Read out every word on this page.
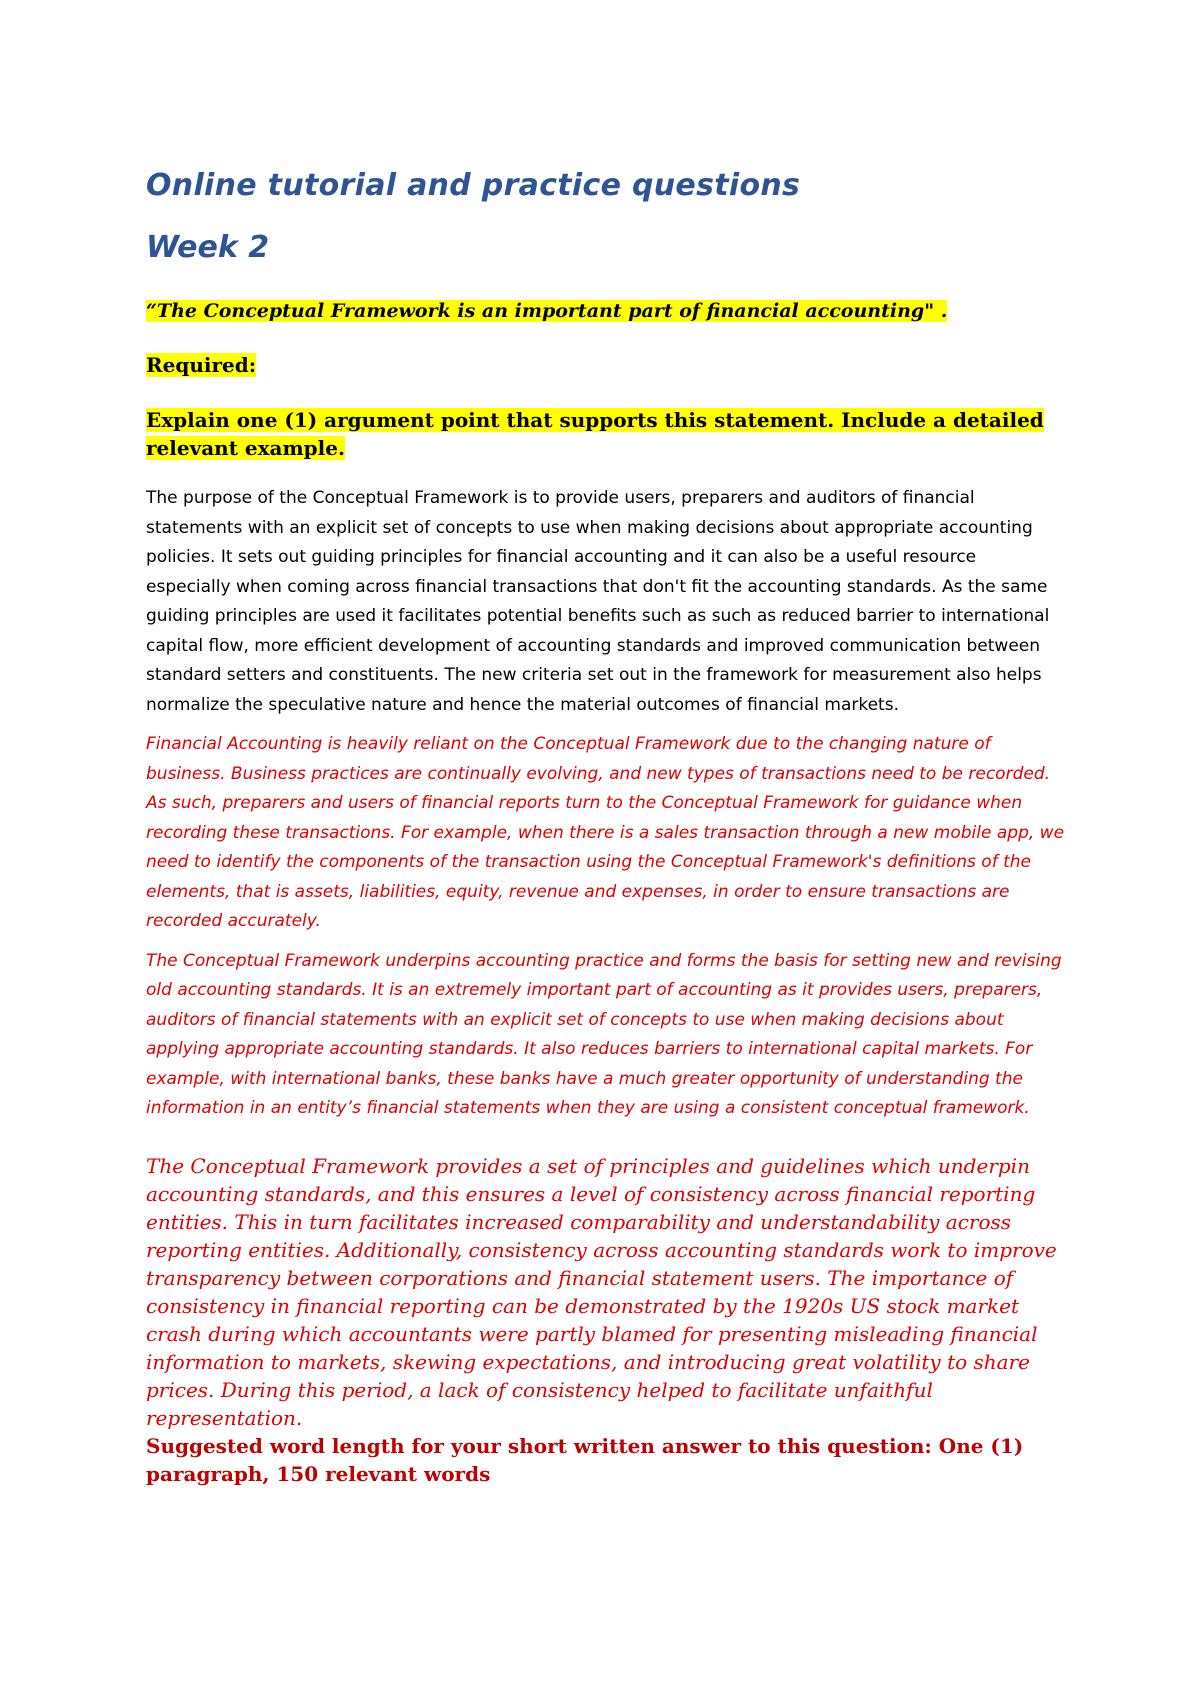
Online tutorial and practice questions
Week 2

“The Conceptual Framework is an important part of financial accounting" .

Required:

Explain one (1) argument point that supports this statement. Include a detailed relevant example.

The purpose of the Conceptual Framework is to provide users, preparers and auditors of financial statements with an explicit set of concepts to use when making decisions about appropriate accounting policies. It sets out guiding principles for financial accounting and it can also be a useful resource especially when coming across financial transactions that don't fit the accounting standards. As the same guiding principles are used it facilitates potential benefits such as such as reduced barrier to international capital flow, more efficient development of accounting standards and improved communication between standard setters and constituents. The new criteria set out in the framework for measurement also helps normalize the speculative nature and hence the material outcomes of financial markets.

Financial Accounting is heavily reliant on the Conceptual Framework due to the changing nature of business. Business practices are continually evolving, and new types of transactions need to be recorded. As such, preparers and users of financial reports turn to the Conceptual Framework for guidance when recording these transactions. For example, when there is a sales transaction through a new mobile app, we need to identify the components of the transaction using the Conceptual Framework's definitions of the elements, that is assets, liabilities, equity, revenue and expenses, in order to ensure transactions are recorded accurately.

The Conceptual Framework underpins accounting practice and forms the basis for setting new and revising old accounting standards. It is an extremely important part of accounting as it provides users, preparers, auditors of financial statements with an explicit set of concepts to use when making decisions about applying appropriate accounting standards. It also reduces barriers to international capital markets. For example, with international banks, these banks have a much greater opportunity of understanding the information in an entity’s financial statements when they are using a consistent conceptual framework.

The Conceptual Framework provides a set of principles and guidelines which underpin accounting standards, and this ensures a level of consistency across financial reporting entities. This in turn facilitates increased comparability and understandability across reporting entities. Additionally, consistency across accounting standards work to improve transparency between corporations and financial statement users. The importance of consistency in financial reporting can be demonstrated by the 1920s US stock market crash during which accountants were partly blamed for presenting misleading financial information to markets, skewing expectations, and introducing great volatility to share prices. During this period, a lack of consistency helped to facilitate unfaithful representation.

Suggested word length for your short written answer to this question: One (1) paragraph, 150 relevant words
